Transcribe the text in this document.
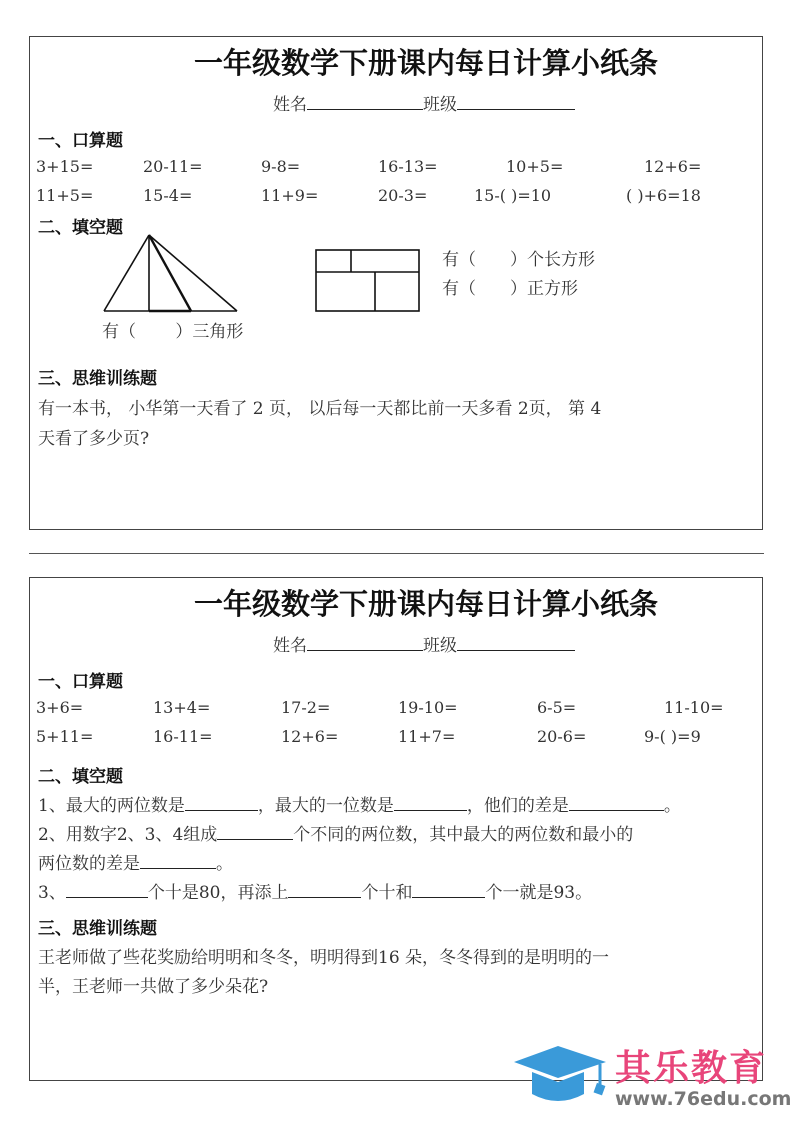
一年级数学下册课内每日计算小纸条
姓名	班级
一、口算题
3+15=	20-11=	9-8=	16-13=	10+5=	12+6=
11+5=	15-4=	11+9=	20-3=	15-( )=10	( )+6=18
二、填空题
有（　　 ）三角形
有（　　）个长方形
有（　　）正方形
三、思维训练题
有一本书， 小华第一天看了 2 页， 以后每一天都比前一天多看 2页， 第 4
天看了多少页?
一年级数学下册课内每日计算小纸条
姓名	班级
一、口算题
3+6=	13+4=	17-2=	19-10=	6-5=	11-10=
5+11=	16-11=	12+6=	11+7=	20-6=	9-( )=9
二、填空题
1、最大的两位数是	，最大的一位数是	，他们的差是	。
2、用数字2、3、4组成	个不同的两位数，其中最大的两位数和最小的
两位数的差是	。
3、	个十是80，再添上	个十和	个一就是93。
三、思维训练题
王老师做了些花奖励给明明和冬冬，明明得到16 朵，冬冬得到的是明明的一
半，王老师一共做了多少朵花?
其乐教育
www.76edu.com
